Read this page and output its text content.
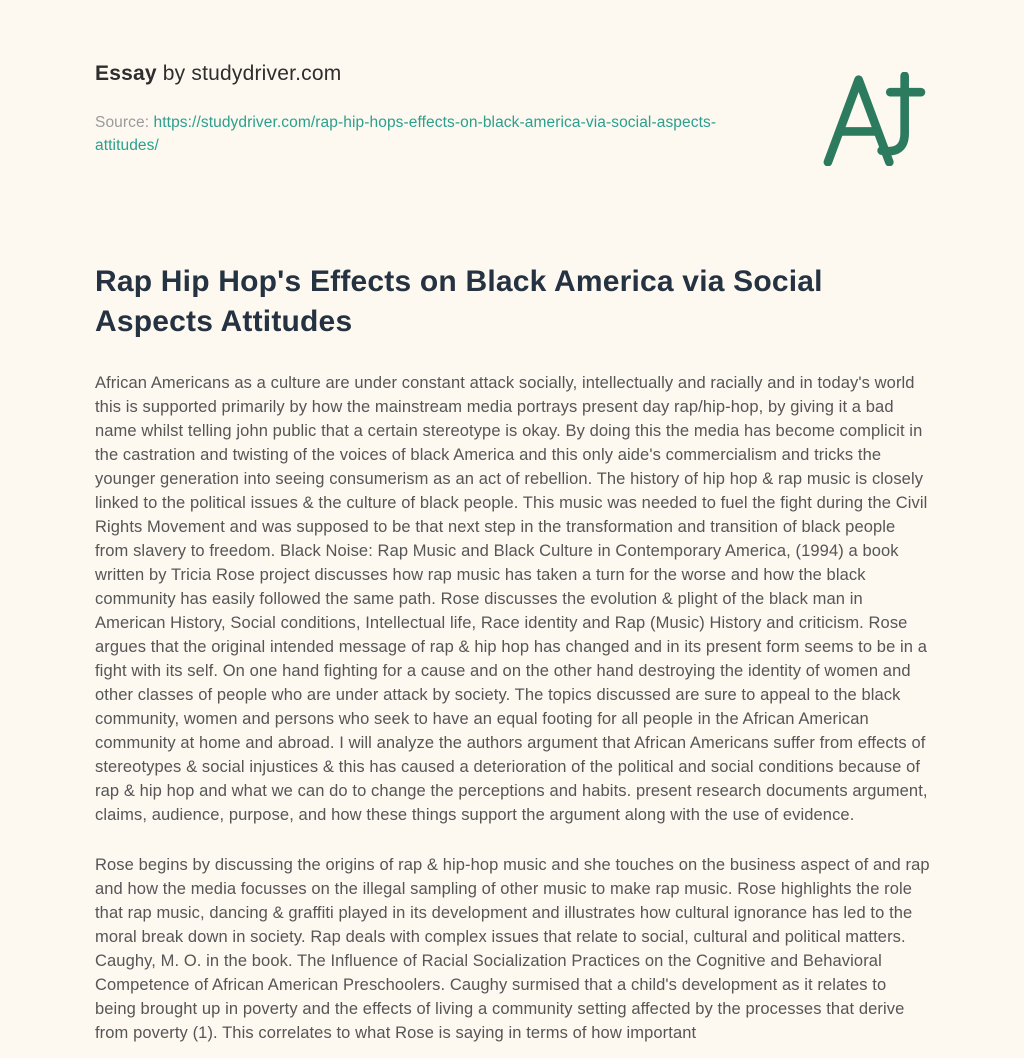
Essay by studydriver.com
Source: https://studydriver.com/rap-hip-hops-effects-on-black-america-via-social-aspects-attitudes/
Rap Hip Hop's Effects on Black America via Social Aspects Attitudes

African Americans as a culture are under constant attack socially, intellectually and racially and in today's world this is supported primarily by how the mainstream media portrays present day rap/hip-hop, by giving it a bad name whilst telling john public that a certain stereotype is okay. By doing this the media has become complicit in the castration and twisting of the voices of black America and this only aide's commercialism and tricks the younger generation into seeing consumerism as an act of rebellion. The history of hip hop & rap music is closely linked to the political issues & the culture of black people. This music was needed to fuel the fight during the Civil Rights Movement and was supposed to be that next step in the transformation and transition of black people from slavery to freedom. Black Noise: Rap Music and Black Culture in Contemporary America, (1994) a book written by Tricia Rose project discusses how rap music has taken a turn for the worse and how the black community has easily followed the same path. Rose discusses the evolution & plight of the black man in American History, Social conditions, Intellectual life, Race identity and Rap (Music) History and criticism. Rose argues that the original intended message of rap & hip hop has changed and in its present form seems to be in a fight with its self. On one hand fighting for a cause and on the other hand destroying the identity of women and other classes of people who are under attack by society. The topics discussed are sure to appeal to the black community, women and persons who seek to have an equal footing for all people in the African American community at home and abroad. I will analyze the authors argument that African Americans suffer from effects of stereotypes & social injustices & this has caused a deterioration of the political and social conditions because of rap & hip hop and what we can do to change the perceptions and habits. present research documents argument, claims, audience, purpose, and how these things support the argument along with the use of evidence.

Rose begins by discussing the origins of rap & hip-hop music and she touches on the business aspect of and rap and how the media focusses on the illegal sampling of other music to make rap music. Rose highlights the role that rap music, dancing & graffiti played in its development and illustrates how cultural ignorance has led to the moral break down in society. Rap deals with complex issues that relate to social, cultural and political matters. Caughy, M. O. in the book. The Influence of Racial Socialization Practices on the Cognitive and Behavioral Competence of African American Preschoolers. Caughy surmised that a child's development as it relates to being brought up in poverty and the effects of living a community setting affected by the processes that derive from poverty (1). This correlates to what Rose is saying in terms of how important
